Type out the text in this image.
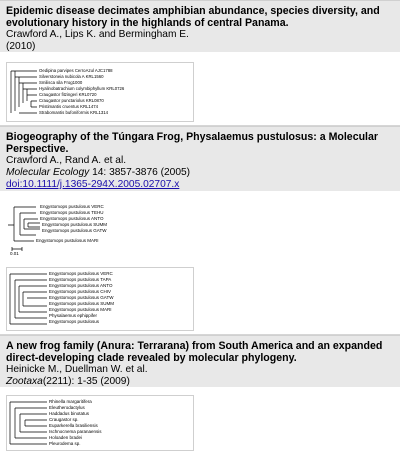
Epidemic disease decimates amphibian abundance, species diversity, and evolutionary history in the highlands of central Panama.
Crawford A., Lips K. and Bermingham E.
(2010)
Oedipina parvipes CerroAzul AJC1788
Silverstoneia nubicola A KRL1560
Smilisca sila Frog1000
Hyalinobatrachium colymbiphyllum KRL0726
Craugastor fitzingeri KRL0720
Craugastor punctariolus KRL0870
Pristimantis cruentus KRL1474
Strabomantis bufoniformis KRL1314
Biogeography of the Túngara Frog, Physalaemus pustulosus: a Molecular Perspective.
Crawford A., Rand A. et al.
Molecular Ecology 14: 3857-3876 (2005)
doi:10.1111/j.1365-294X.2005.02707.x
Engystomops pustulosus VERC
Engystomops pustulosus TEHU
Engystomops pustulosus ANTO
Engystomops pustulosus SUMM
Engystomops pustulosus GATW
Engystomops pustulosus MARI
0.01
Engystomops pustulosus VERC
Engystomops pustulosus TAPA
Engystomops pustulosus ANTO
Engystomops pustulosus CHIV
Engystomops pustulosus GATW
Engystomops pustulosus SUMM
Engystomops pustulosus MARI
Physalaemus ephippifer
Engystomops pustulosus
A new frog family (Anura: Terrarana) from South America and an expanded direct-developing clade revealed by molecular phylogeny.
Heinicke M., Duellman W. et al.
Zootaxa(2211): 1-35 (2009)
Rhinella margaritifera
Eleutherodactylus
Haddadus binotatus
Craugastor sp.
Euparkerella brasiliensis
Ischnocnema paranaensis
Holoaden bradei
Pleurodema sp.
